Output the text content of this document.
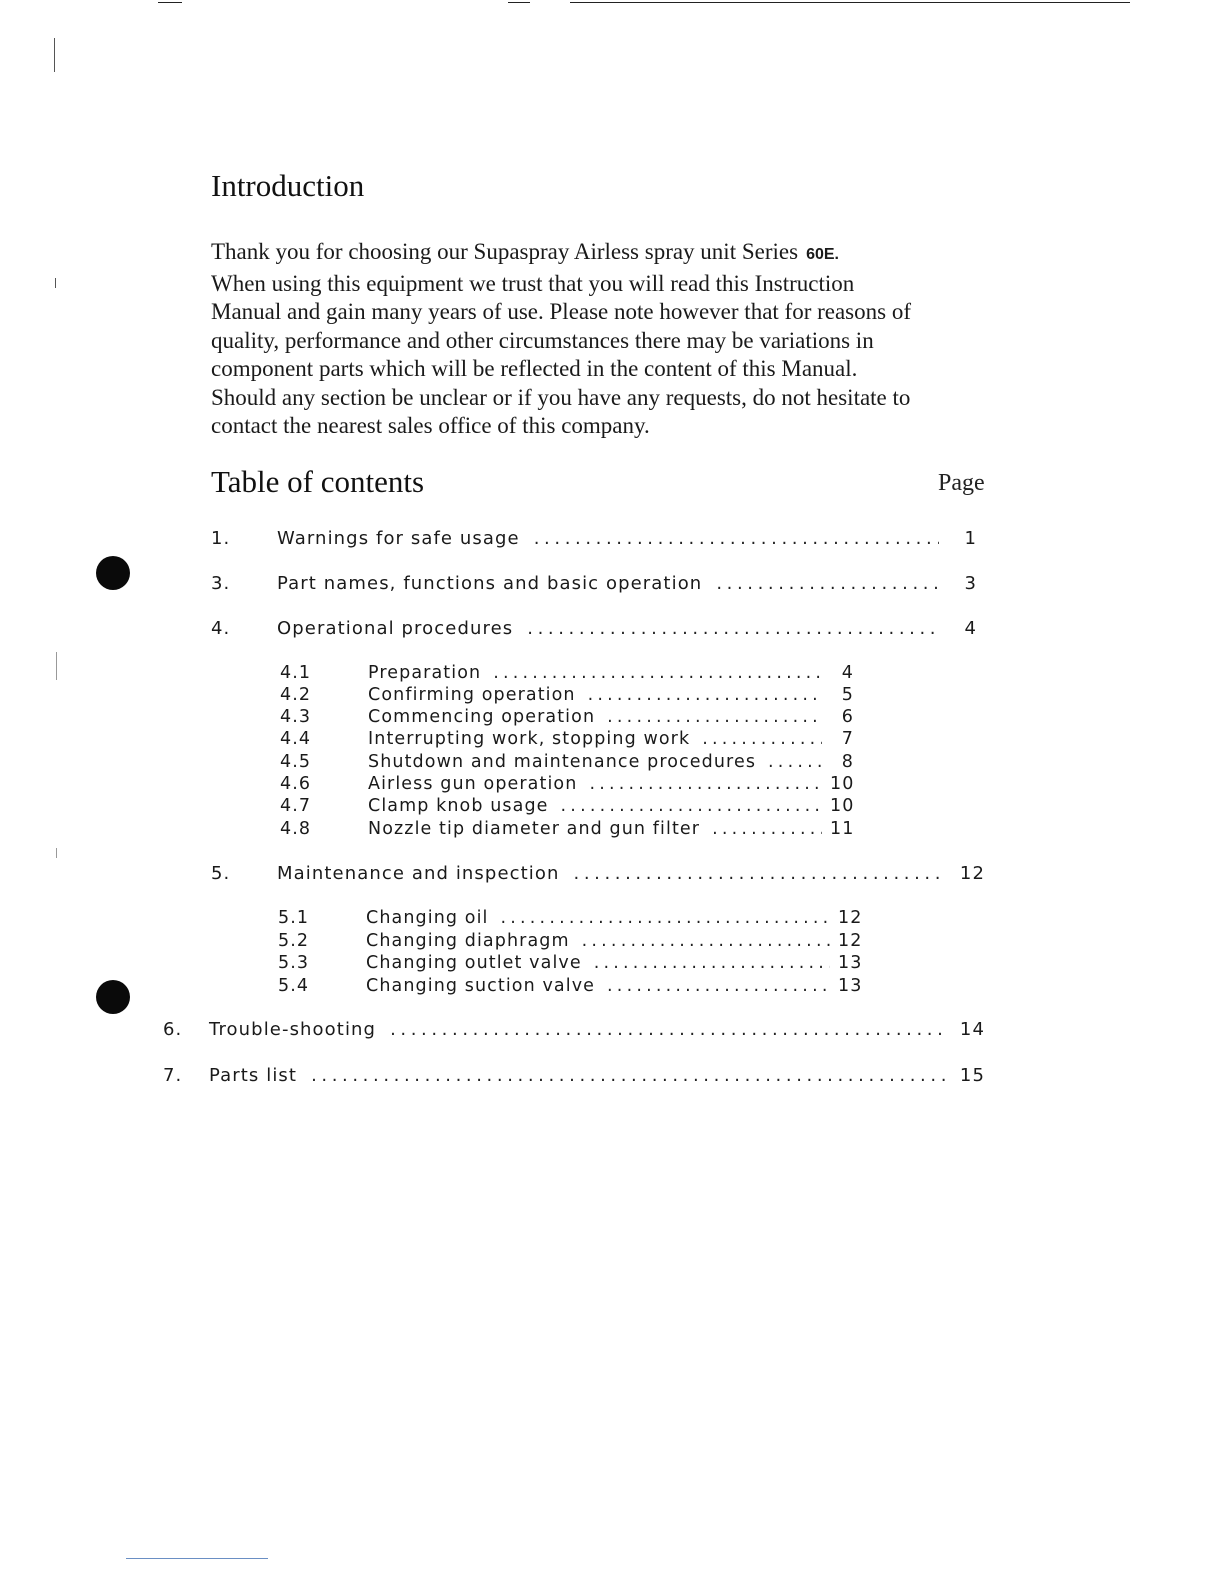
Introduction
Thank you for choosing our Supaspray Airless spray unit Series 60E.
When using this equipment we trust that you will read this Instruction
Manual and gain many years of use. Please note however that for reasons of
quality, performance and other circumstances there may be variations in
component parts which will be reflected in the content of this Manual.
Should any section be unclear or if you have any requests, do not hesitate to
contact the nearest sales office of this company.
Table of contents	Page
1.	Warnings for safe usage .....	1
3.	Part names, functions and basic operation .....	3
4.	Operational procedures .....	4
4.1	Preparation .....	4
4.2	Confirming operation .....	5
4.3	Commencing operation .....	6
4.4	Interrupting work, stopping work .....	7
4.5	Shutdown and maintenance procedures .....	8
4.6	Airless gun operation .....	10
4.7	Clamp knob usage .....	10
4.8	Nozzle tip diameter and gun filter .....	11
5.	Maintenance and inspection .....	12
5.1	Changing oil .....	12
5.2	Changing diaphragm .....	12
5.3	Changing outlet valve .....	13
5.4	Changing suction valve .....	13
6.	Trouble-shooting .....	14
7.	Parts list .....	15
